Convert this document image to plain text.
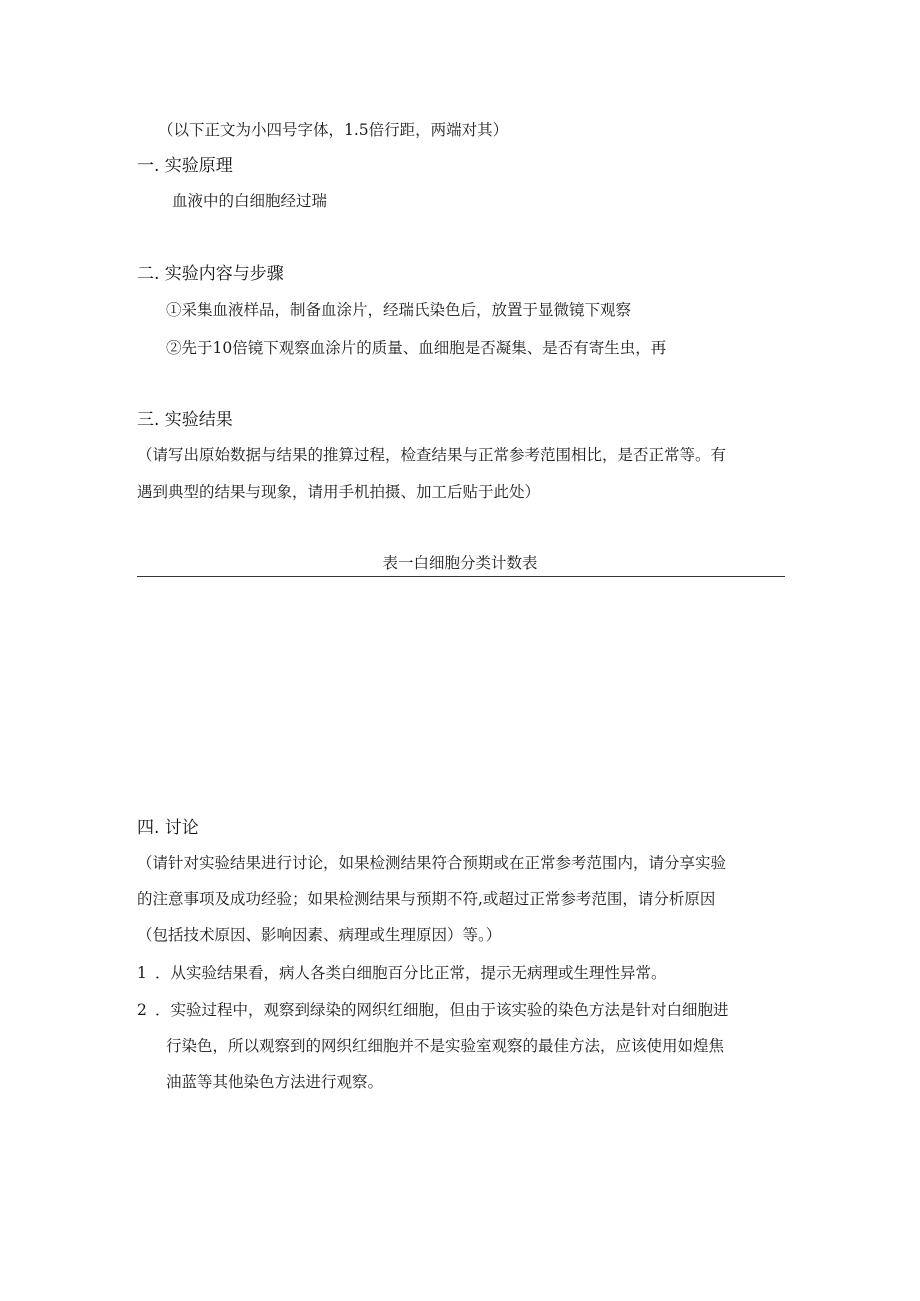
（以下正文为小四号字体，1.5倍行距，两端对其）
一. 实验原理
血液中的白细胞经过瑞
二. 实验内容与步骤
①采集血液样品，制备血涂片，经瑞氏染色后，放置于显微镜下观察
②先于10倍镜下观察血涂片的质量、血细胞是否凝集、是否有寄生虫，再
三. 实验结果
（请写出原始数据与结果的推算过程，检查结果与正常参考范围相比，是否正常等。有
遇到典型的结果与现象，请用手机拍摄、加工后贴于此处）
表一白细胞分类计数表
四. 讨论
（请针对实验结果进行讨论，如果检测结果符合预期或在正常参考范围内，请分享实验
的注意事项及成功经验；如果检测结果与预期不符,或超过正常参考范围，请分析原因
（包括技术原因、影响因素、病理或生理原因）等。）
1 ．从实验结果看，病人各类白细胞百分比正常，提示无病理或生理性异常。
2 ．实验过程中，观察到绿染的网织红细胞，但由于该实验的染色方法是针对白细胞进
行染色，所以观察到的网织红细胞并不是实验室观察的最佳方法，应该使用如煌焦
油蓝等其他染色方法进行观察。
